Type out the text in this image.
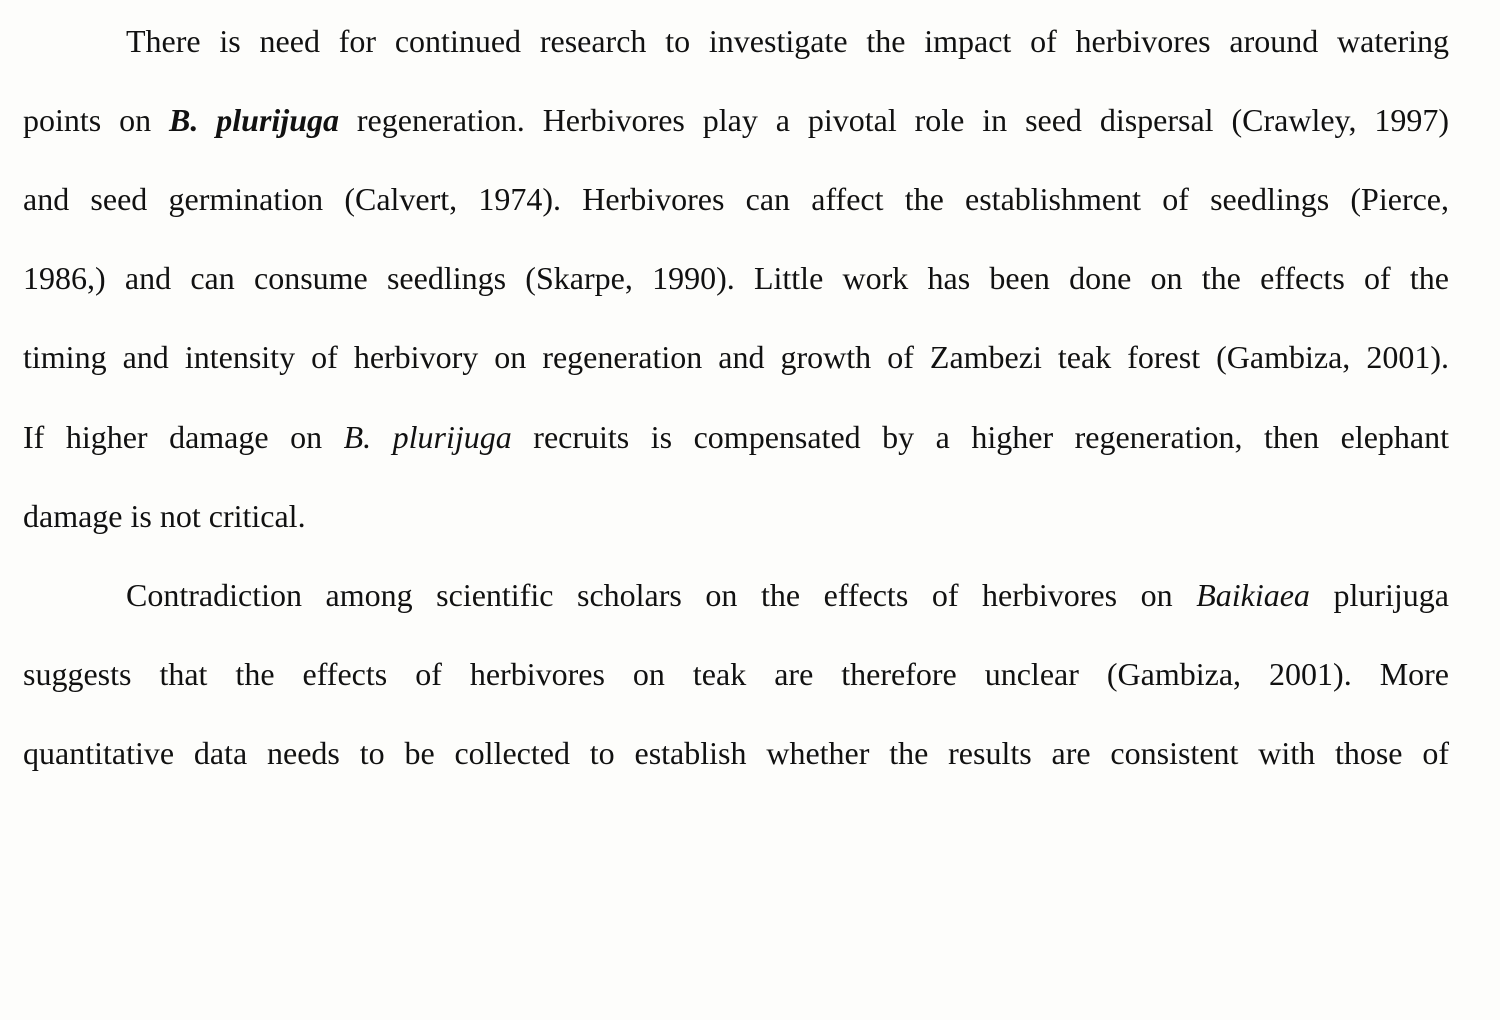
There is need for continued research to investigate the impact of herbivores around watering
points on B. plurijuga regeneration. Herbivores play a pivotal role in seed dispersal (Crawley, 1997)
and seed germination (Calvert, 1974). Herbivores can affect the establishment of seedlings (Pierce,
1986,) and can consume seedlings (Skarpe, 1990). Little work has been done on the effects of the
timing and intensity of herbivory on regeneration and growth of Zambezi teak forest (Gambiza, 2001).
If higher damage on B. plurijuga recruits is compensated by a higher regeneration, then elephant
damage is not critical.
Contradiction among scientific scholars on the effects of herbivores on Baikiaea plurijuga
suggests that the effects of herbivores on teak are therefore unclear (Gambiza, 2001). More
quantitative data needs to be collected to establish whether the results are consistent with those of
